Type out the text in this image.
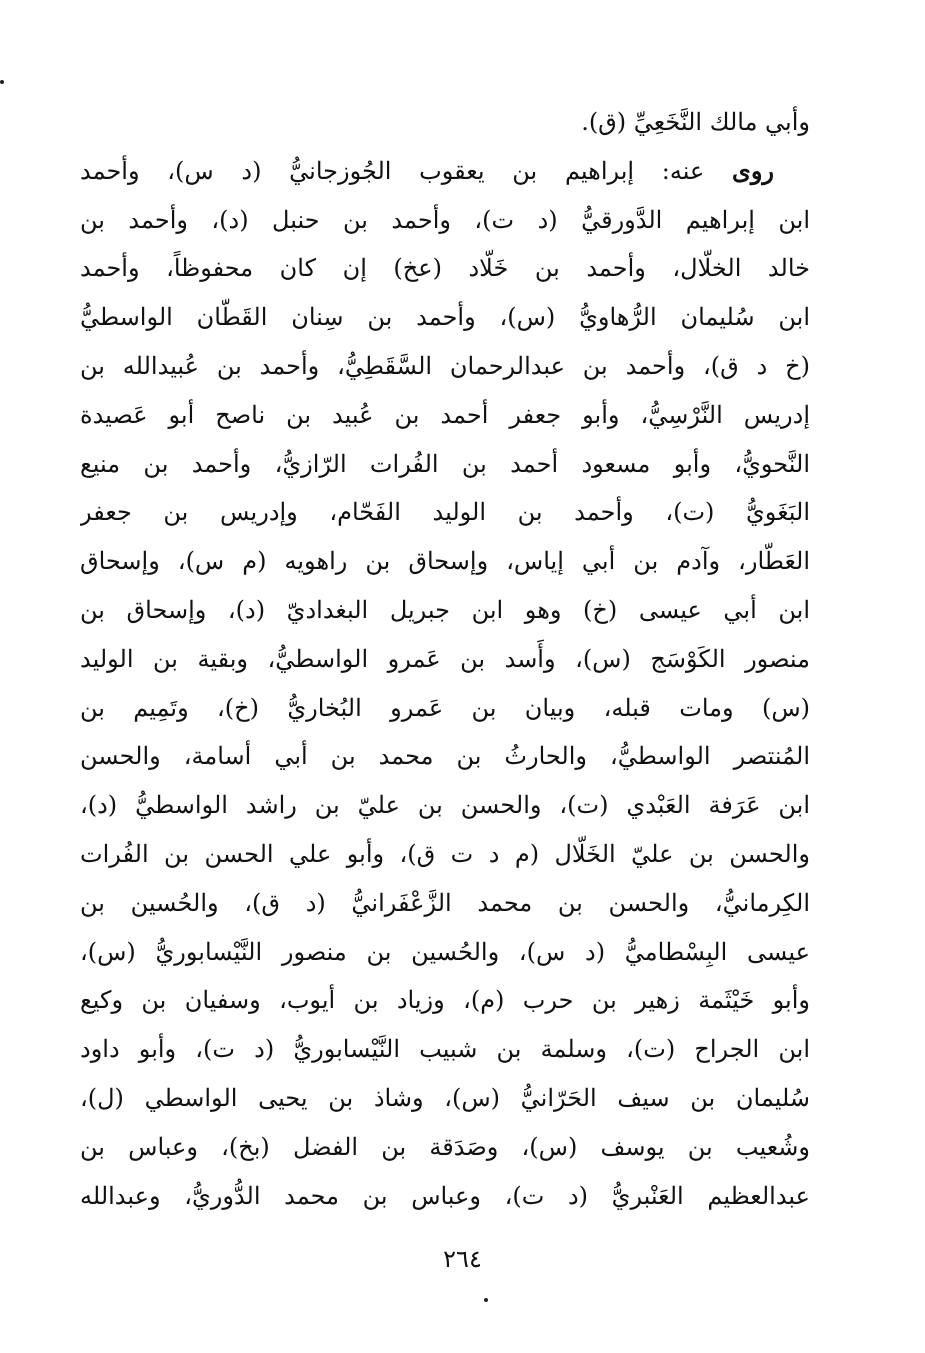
وأبي مالك النَّخَعِيِّ (ق).
روى عنه: إبراهيم بن يعقوب الجُوزجانيُّ (د س)، وأحمد
ابن إبراهيم الدَّورقيُّ (د ت)، وأحمد بن حنبل (د)، وأحمد بن
خالد الخلّال، وأحمد بن خَلّاد (عخ) إن كان محفوظاً، وأحمد
ابن سُليمان الرُّهاويُّ (س)، وأحمد بن سِنان القَطّان الواسطيُّ
(خ د ق)، وأحمد بن عبدالرحمان السَّقَطِيُّ، وأحمد بن عُبيدالله بن
إدريس النَّرْسِيُّ، وأبو جعفر أحمد بن عُبيد بن ناصح أبو عَصيدة
النَّحويُّ، وأبو مسعود أحمد بن الفُرات الرّازيُّ، وأحمد بن منيع
البَغَويُّ (ت)، وأحمد بن الوليد الفَحّام، وإدريس بن جعفر
العَطّار، وآدم بن أبي إياس، وإسحاق بن راهويه (م س)، وإسحاق
ابن أبي عيسى (خ) وهو ابن جبريل البغداديّ (د)، وإسحاق بن
منصور الكَوْسَج (س)، وأَسد بن عَمرو الواسطيُّ، وبقية بن الوليد
(س) ومات قبله، وبيان بن عَمرو البُخاريُّ (خ)، وتَمِيم بن
المُنتصر الواسطيُّ، والحارثُ بن محمد بن أبي أسامة، والحسن
ابن عَرَفة العَبْدي (ت)، والحسن بن عليّ بن راشد الواسطيُّ (د)،
والحسن بن عليّ الخَلّال (م د ت ق)، وأبو علي الحسن بن الفُرات
الكِرمانيُّ، والحسن بن محمد الزَّعْفَرانيُّ (د ق)، والحُسين بن
عيسى البِسْطاميُّ (د س)، والحُسين بن منصور النَّيْسابوريُّ (س)،
وأبو خَيْثَمة زهير بن حرب (م)، وزياد بن أيوب، وسفيان بن وكيع
ابن الجراح (ت)، وسلمة بن شبيب النَّيْسابوريُّ (د ت)، وأبو داود
سُليمان بن سيف الحَرّانيُّ (س)، وشاذ بن يحيى الواسطي (ل)،
وشُعيب بن يوسف (س)، وصَدَقة بن الفضل (بخ)، وعباس بن
عبدالعظيم العَنْبريُّ (د ت)، وعباس بن محمد الدُّوريُّ، وعبدالله
٢٦٤
